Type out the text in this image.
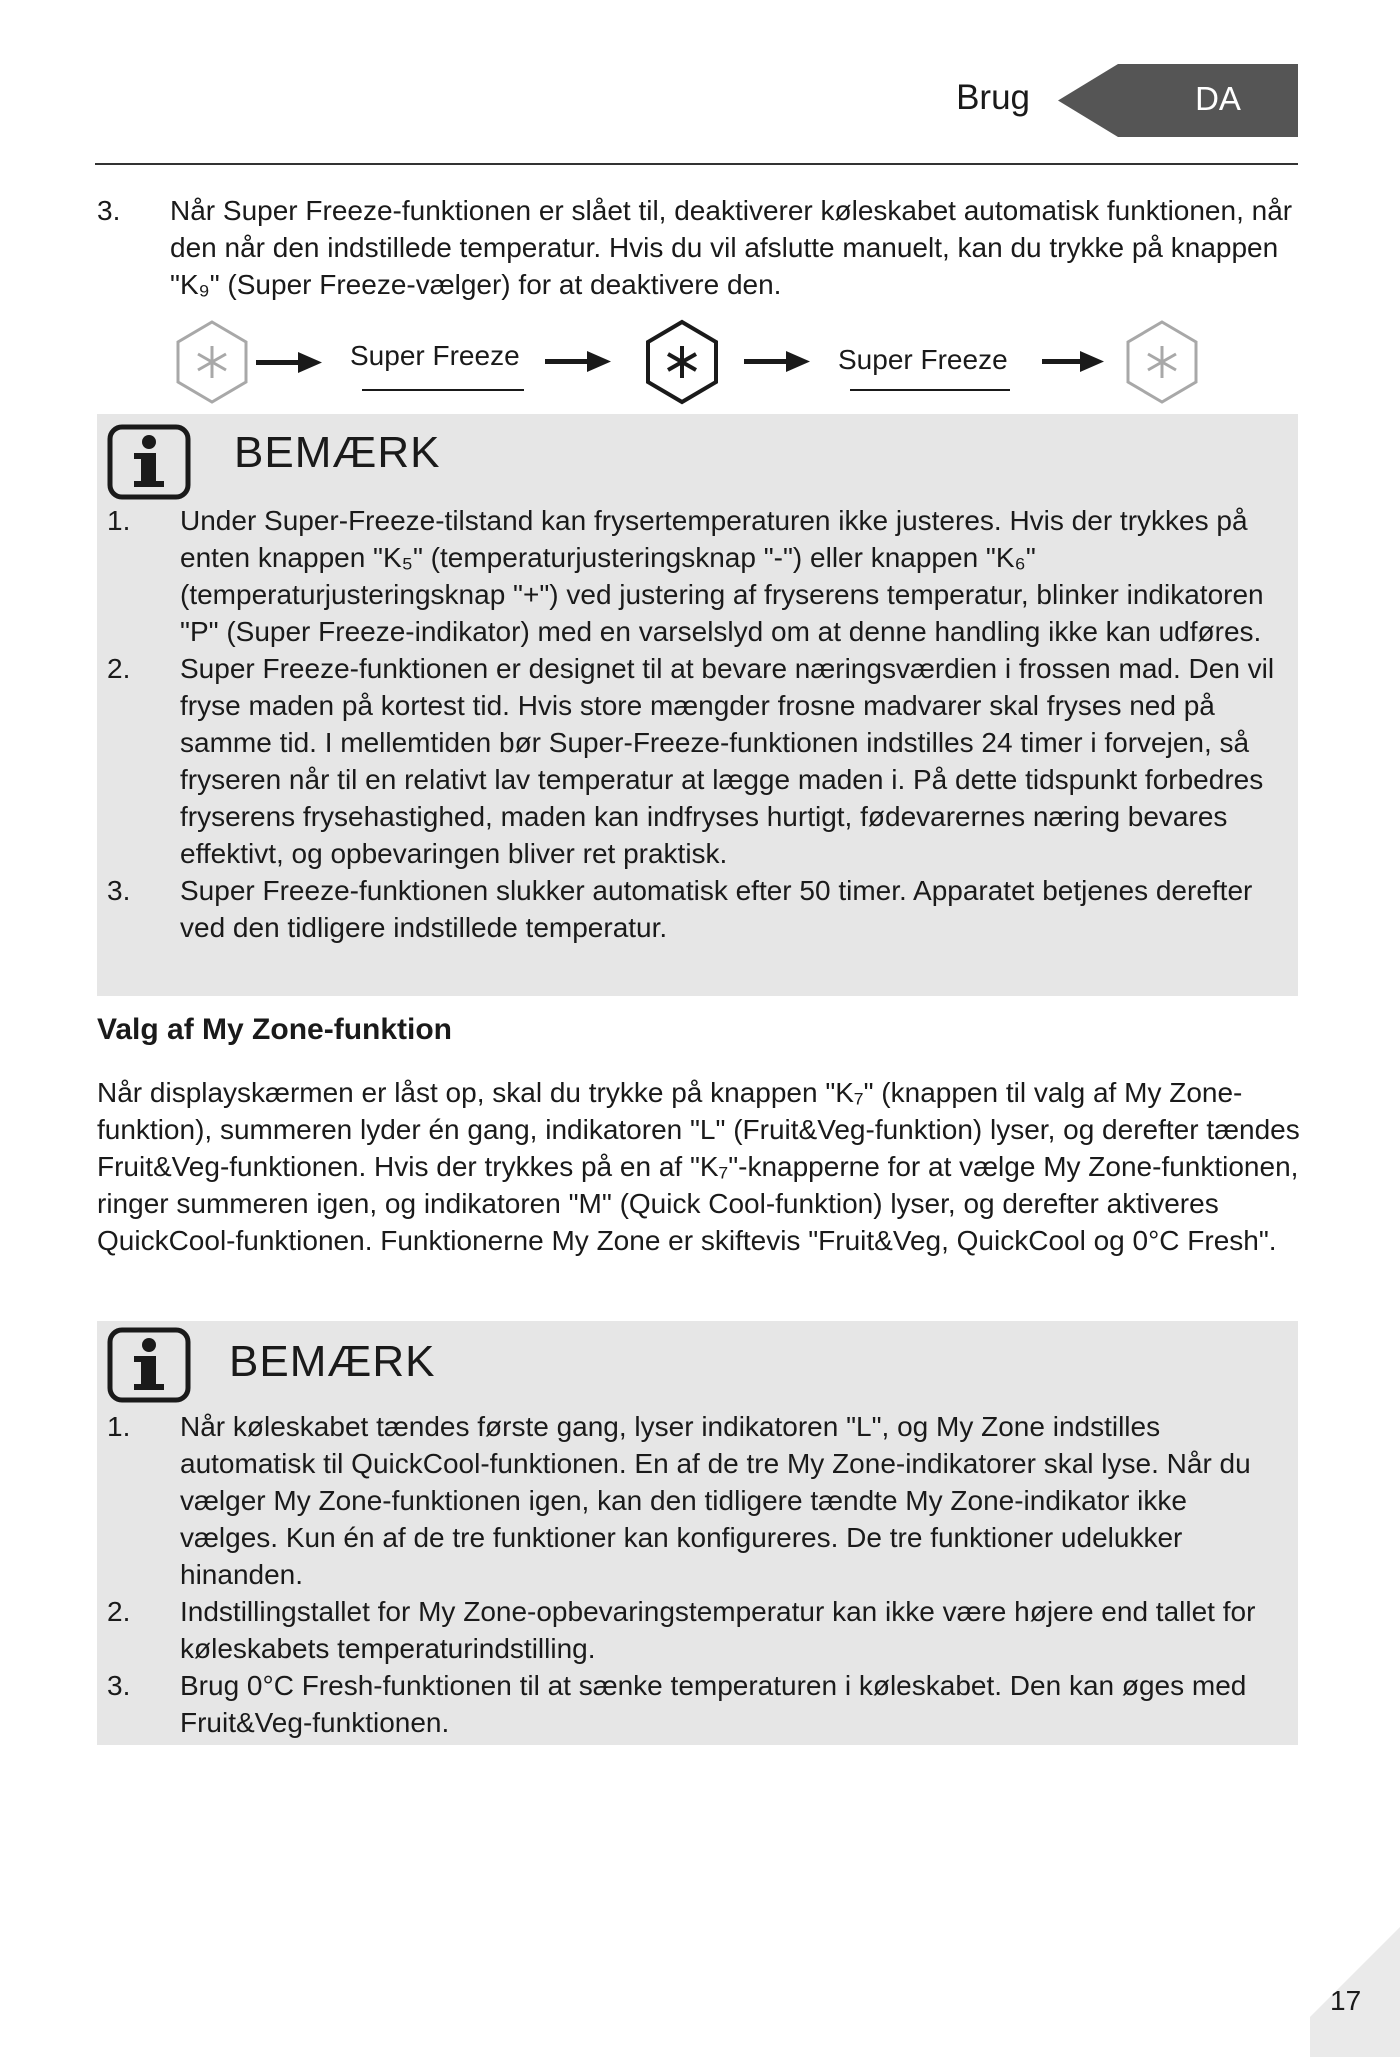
Brug	DA
3. Når Super Freeze-funktionen er slået til, deaktiverer køleskabet automatisk funktionen, når den når den indstillede temperatur. Hvis du vil afslutte manuelt, kan du trykke på knappen "K₉" (Super Freeze-vælger) for at deaktivere den.
Super Freeze	Super Freeze
BEMÆRK
1. Under Super-Freeze-tilstand kan frysertemperaturen ikke justeres. Hvis der trykkes på enten knappen "K₅" (temperaturjusteringsknap "-") eller knappen "K₆" (temperaturjusteringsknap "+") ved justering af fryserens temperatur, blinker indikatoren "P" (Super Freeze-indikator) med en varselslyd om at denne handling ikke kan udføres.
2. Super Freeze-funktionen er designet til at bevare næringsværdien i frossen mad. Den vil fryse maden på kortest tid. Hvis store mængder frosne madvarer skal fryses ned på samme tid. I mellemtiden bør Super-Freeze-funktionen indstilles 24 timer i forvejen, så fryseren når til en relativt lav temperatur at lægge maden i. På dette tidspunkt forbedres fryserens frysehastighed, maden kan indfryses hurtigt, fødevarernes næring bevares effektivt, og opbevaringen bliver ret praktisk.
3. Super Freeze-funktionen slukker automatisk efter 50 timer. Apparatet betjenes derefter ved den tidligere indstillede temperatur.
Valg af My Zone-funktion
Når displayskærmen er låst op, skal du trykke på knappen "K₇" (knappen til valg af My Zone-funktion), summeren lyder én gang, indikatoren "L" (Fruit&Veg-funktion) lyser, og derefter tændes Fruit&Veg-funktionen. Hvis der trykkes på en af "K₇"-knapperne for at vælge My Zone-funktionen, ringer summeren igen, og indikatoren "M" (Quick Cool-funktion) lyser, og derefter aktiveres QuickCool-funktionen. Funktionerne My Zone er skiftevis "Fruit&Veg, QuickCool og 0°C Fresh".
BEMÆRK
1. Når køleskabet tændes første gang, lyser indikatoren "L", og My Zone indstilles automatisk til QuickCool-funktionen. En af de tre My Zone-indikatorer skal lyse. Når du vælger My Zone-funktionen igen, kan den tidligere tændte My Zone-indikator ikke vælges. Kun én af de tre funktioner kan konfigureres. De tre funktioner udelukker hinanden.
2. Indstillingstallet for My Zone-opbevaringstemperatur kan ikke være højere end tallet for køleskabets temperaturindstilling.
3. Brug 0°C Fresh-funktionen til at sænke temperaturen i køleskabet. Den kan øges med Fruit&Veg-funktionen.
17
